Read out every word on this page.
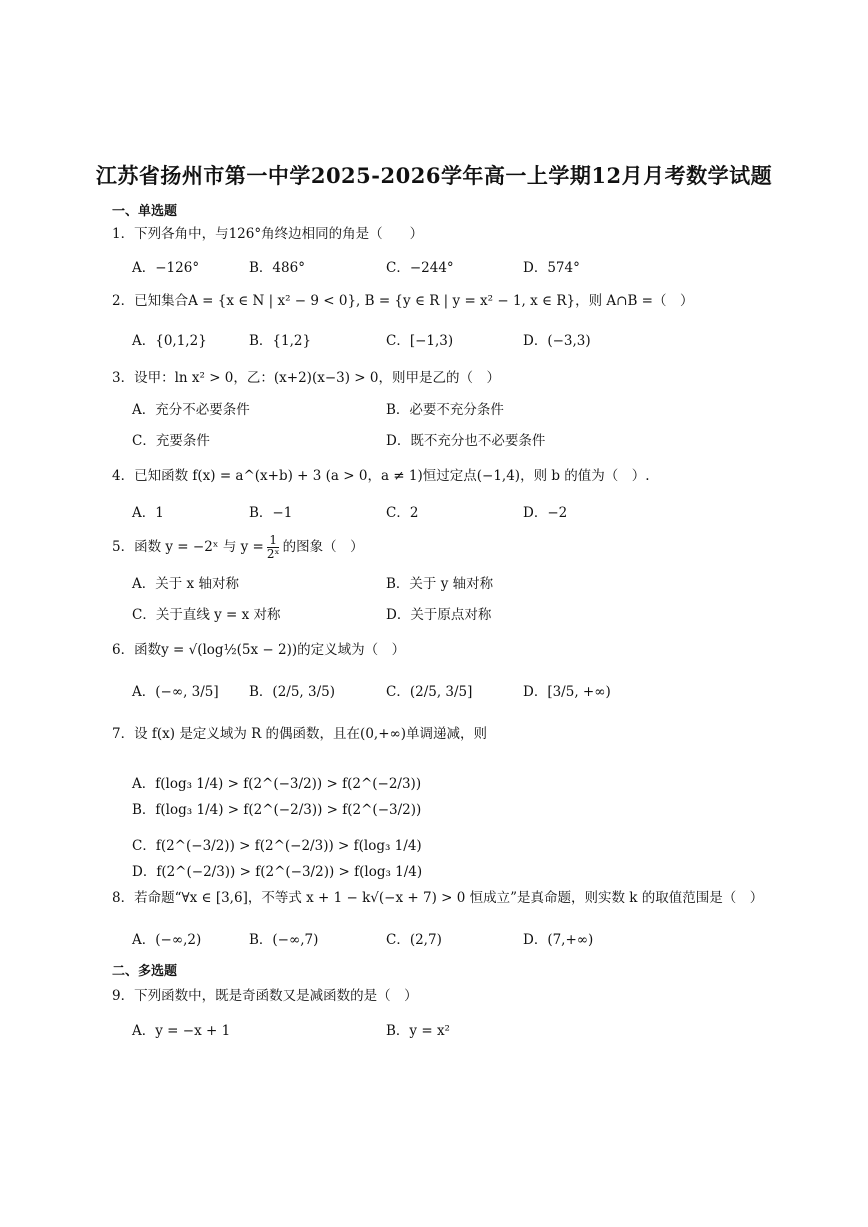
江苏省扬州市第一中学2025-2026学年高一上学期12月月考数学试题
一、单选题
1．下列各角中，与126°角终边相同的角是（　　）
A．−126°	B．486°	C．−244°	D．574°
2．已知集合A = {x ∈ N | x² − 9 < 0}, B = {y ∈ R | y = x² − 1, x ∈ R}，则 A∩B =（　）
A．{0,1,2}	B．{1,2}	C．[−1,3)	D．(−3,3)
3．设甲：ln x² > 0，乙：(x+2)(x−3) > 0，则甲是乙的（　）
A．充分不必要条件	B．必要不充分条件
C．充要条件	D．既不充分也不必要条件
4．已知函数 f(x) = a^(x+b) + 3 (a > 0，a ≠ 1)恒过定点(−1,4)，则 b 的值为（　）.
A．1	B．−1	C．2	D．−2
5．函数 y = −2ˣ 与 $y = \frac{1}{\text{2ˣ}}$ 的图象（　）
A．关于 x 轴对称	B．关于 y 轴对称
C．关于直线 y = x 对称	D．关于原点对称
6．函数y = √(log½(5x − 2))的定义域为（　）
A．(−∞, 3/5] B．(2/5, 3/5)	C．(2/5, 3/5]	D．[3/5, +∞)
7．设 f(x) 是定义域为 R 的偶函数，且在(0,+∞)单调递减，则
A．f(log₃ 1/4) > f(2^(−3/2)) > f(2^(−2/3))
B．f(log₃ 1/4) > f(2^(−2/3)) > f(2^(−3/2))
C．f(2^(−3/2)) > f(2^(−2/3)) > f(log₃ 1/4)
D．f(2^(−2/3)) > f(2^(−3/2)) > f(log₃ 1/4)
8．若命题“∀x ∈ [3,6]，不等式 x + 1 − k√(−x + 7) > 0 恒成立”是真命题，则实数 k 的取值范围是（　）
A．(−∞,2)	B．(−∞,7)	C．(2,7)	D．(7,+∞)
二、多选题
9．下列函数中，既是奇函数又是减函数的是（　）
A．y = −x + 1	B．y = x²
